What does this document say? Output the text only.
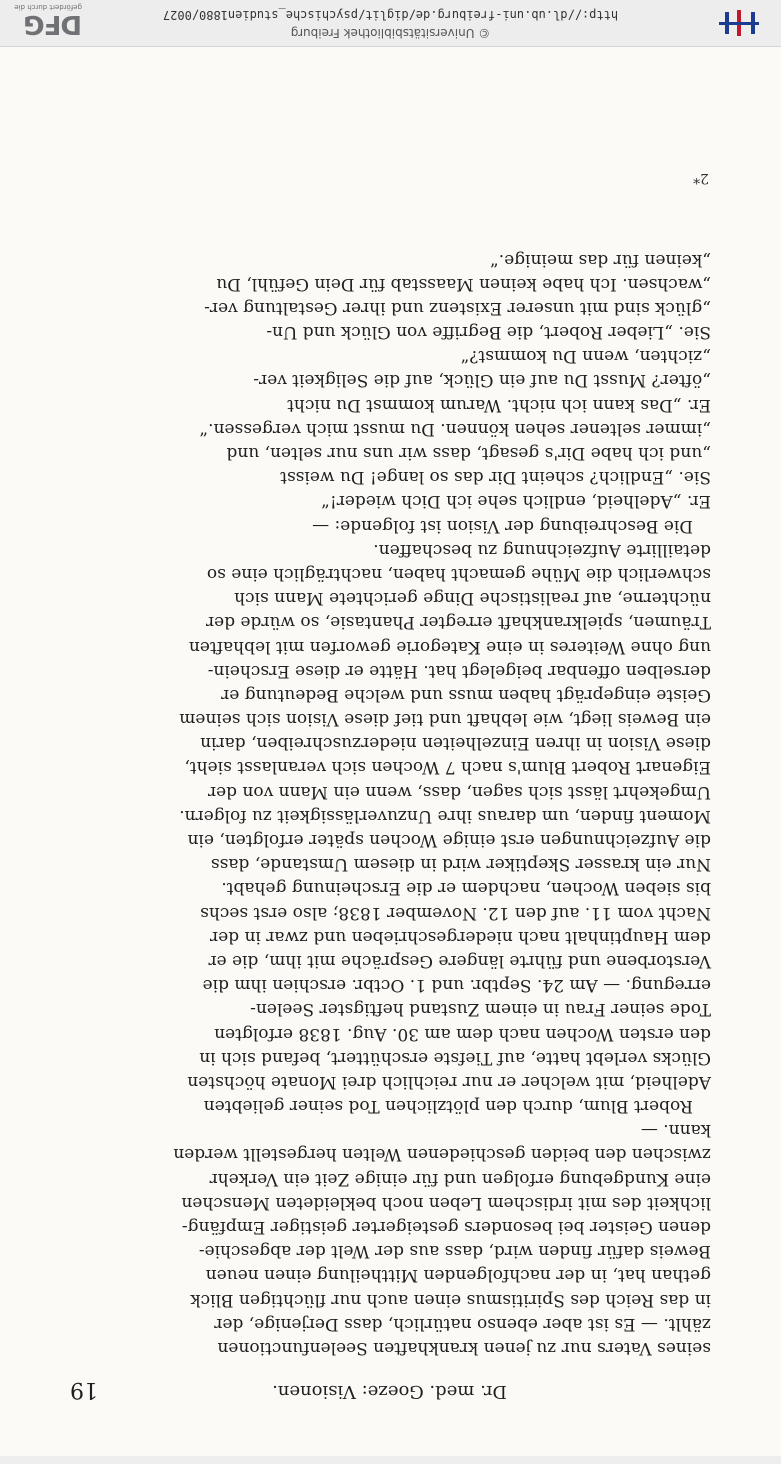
Dr. med. Goeze: Visionen.
19
seines Vaters nur zu jenen krankhaften Seelenfunctionen
zählt. — Es ist aber ebenso natürlich, dass Derjenige, der
in das Reich des Spiritismus einen auch nur flüchtigen Blick
gethan hat, in der nachfolgenden Mittheilung einen neuen
Beweis dafür finden wird, dass aus der Welt der abgeschie-
denen Geister bei besonders gesteigerter geistiger Empfäng-
lichkeit des mit irdischem Leben noch bekleideten Menschen
eine Kundgebung erfolgen und für einige Zeit ein Verkehr
zwischen den beiden geschiedenen Welten hergestellt werden
kann. —
Robert Blum, durch den plötzlichen Tod seiner geliebten
Adelheid, mit welcher er nur reichlich drei Monate höchsten
Glücks verlebt hatte, auf Tiefste erschüttert, befand sich in
den ersten Wochen nach dem am 30. Aug. 1838 erfolgten
Tode seiner Frau in einem Zustand heftigster Seelen-
erregung. — Am 24. Septbr. und 1. Octbr. erschien ihm die
Verstorbene und führte längere Gespräche mit ihm, die er
dem Hauptinhalt nach niedergeschrieben und zwar in der
Nacht vom 11. auf den 12. November 1838; also erst sechs
bis sieben Wochen, nachdem er die Erscheinung gehabt.
Nur ein krasser Skeptiker wird in diesem Umstande, dass
die Aufzeichnungen erst einige Wochen später erfolgten, ein
Moment finden, um daraus ihre Unzuverlässigkeit zu folgern.
Umgekehrt lässt sich sagen, dass, wenn ein Mann von der
Eigenart Robert Blum's nach 7 Wochen sich veranlasst sieht,
diese Vision in ihren Einzelheiten niederzuschreiben, darin
ein Beweis liegt, wie lebhaft und tief diese Vision sich seinem
Geiste eingeprägt haben muss und welche Bedeutung er
derselben offenbar beigelegt hat. Hätte er diese Erschein-
ung ohne Weiteres in eine Kategorie geworfen mit lebhaften
Träumen, spielkrankhaft erregter Phantasie, so würde der
nüchterne, auf realistische Dinge gerichtete Mann sich
schwerlich die Mühe gemacht haben, nachträglich eine so
detaillirte Aufzeichnung zu beschaffen.
Die Beschreibung der Vision ist folgende: —
Er. „Adelheid, endlich sehe ich Dich wieder!“
Sie. „Endlich? scheint Dir das so lange! Du weisst
„und ich habe Dir's gesagt, dass wir uns nur selten, und
„immer seltener sehen können. Du musst mich vergessen.“
Er. „Das kann ich nicht. Warum kommst Du nicht
„öfter? Musst Du auf ein Glück, auf die Seligkeit ver-
„zichten, wenn Du kommst?“
Sie. „Lieber Robert, die Begriffe von Glück und Un-
„glück sind mit unserer Existenz und ihrer Gestaltung ver-
„wachsen. Ich habe keinen Maasstab für Dein Gefühl, Du
„keinen für das meinige.“
2*
© Universitätsbibliothek Freiburg
http://dl.ub.uni-freiburg.de/diglit/psychische_studien1880/0027
DFG
gefördert durch die
